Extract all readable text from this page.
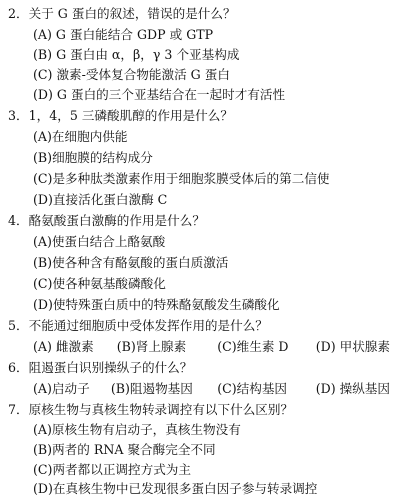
2．关于 G 蛋白的叙述，错误的是什么？
(A) G 蛋白能结合 GDP 或 GTP
(B) G 蛋白由 α，β，γ 3 个亚基构成
(C) 激素-受体复合物能激活 G 蛋白
(D) G 蛋白的三个亚基结合在一起时才有活性
3．1，4，5 三磷酸肌醇的作用是什么？
(A)在细胞内供能
(B)细胞膜的结构成分
(C)是多种肽类激素作用于细胞浆膜受体后的第二信使
(D)直接活化蛋白激酶 C
4．酪氨酸蛋白激酶的作用是什么？
(A)使蛋白结合上酪氨酸
(B)使各种含有酪氨酸的蛋白质激活
(C)使各种氨基酸磷酸化
(D)使特殊蛋白质中的特殊酪氨酸发生磷酸化
5．不能通过细胞质中受体发挥作用的是什么？
(A) 雌激素	(B)肾上腺素	(C)维生素 D	(D) 甲状腺素
6．阻遏蛋白识别操纵子的什么？
(A)启动子	(B)阻遏物基因	(C)结构基因	(D) 操纵基因
7．原核生物与真核生物转录调控有以下什么区别？
(A)原核生物有启动子，真核生物没有
(B)两者的 RNA 聚合酶完全不同
(C)两者都以正调控方式为主
(D)在真核生物中已发现很多蛋白因子参与转录调控
